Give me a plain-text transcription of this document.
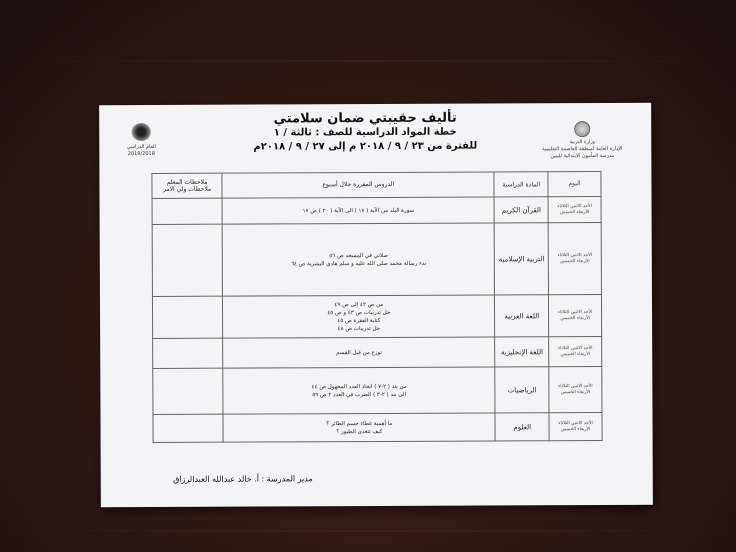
وزارة التربية
الإدارة العامة لمنطقة العاصمة التعليمية
مدرسة المأمون الابتدائية للبنين
العام الدراسي
2019/2018
تأليف حقيبتي ضمان سلامتي
خطة المواد الدراسية للصف : ثالثة / ١
للفترة من ٢٣ / ٩ / ٢٠١٨ م إلى ٢٧ / ٩ / ٢٠١٨م
اليوم	المادة الدراسية	الدروس المقررة خلال أسبوع	ملاحظات المعلم ملاحظات ولي الأمر
الأحد الاثنين الثلاثاء الأربعاء الخميس	القرآن الكريم	سورة البلد من الآية ( ١٧ ) الى الآية ( ٢٠ ) ص ١٧	

الأحد الاثنين الثلاثاء الأربعاء الخميس	التربية الإسلامية	صلاتي في المسجد ص ٥٦
بدء رسالة محمد صلى الله عليه و سلم هادي البشرية ص ٦٤	

الأحد الاثنين الثلاثاء الأربعاء الخميس	اللغة العربية	من ص ٤٢ الى ص ٤٩
حل تدريبات ص ٤٣ و ص ٤٥
كتابة الفقرة ص ٤٥
حل تدريبات ص ٤٨	

الأحد الاثنين الثلاثاء الأربعاء الخميس	اللغة الإنجليزية	توزع من قبل القسم	

الأحد الاثنين الثلاثاء الأربعاء الخميس	الرياضيات	من بند ( ٢-٧ ) ايجاد العدد المجهول ص ٤٤
الى بند ( ٢-٣ ) الضرب في العدد ٢ ص ٥٩	

الأحد الاثنين الثلاثاء الأربعاء الخميس	العلوم	ما أهمية غطاء جسم الطائر ؟
كيف تتغذى الطيور ؟	

مدير المدرسة : أ. خالد عبدالله العبدالرزاق
